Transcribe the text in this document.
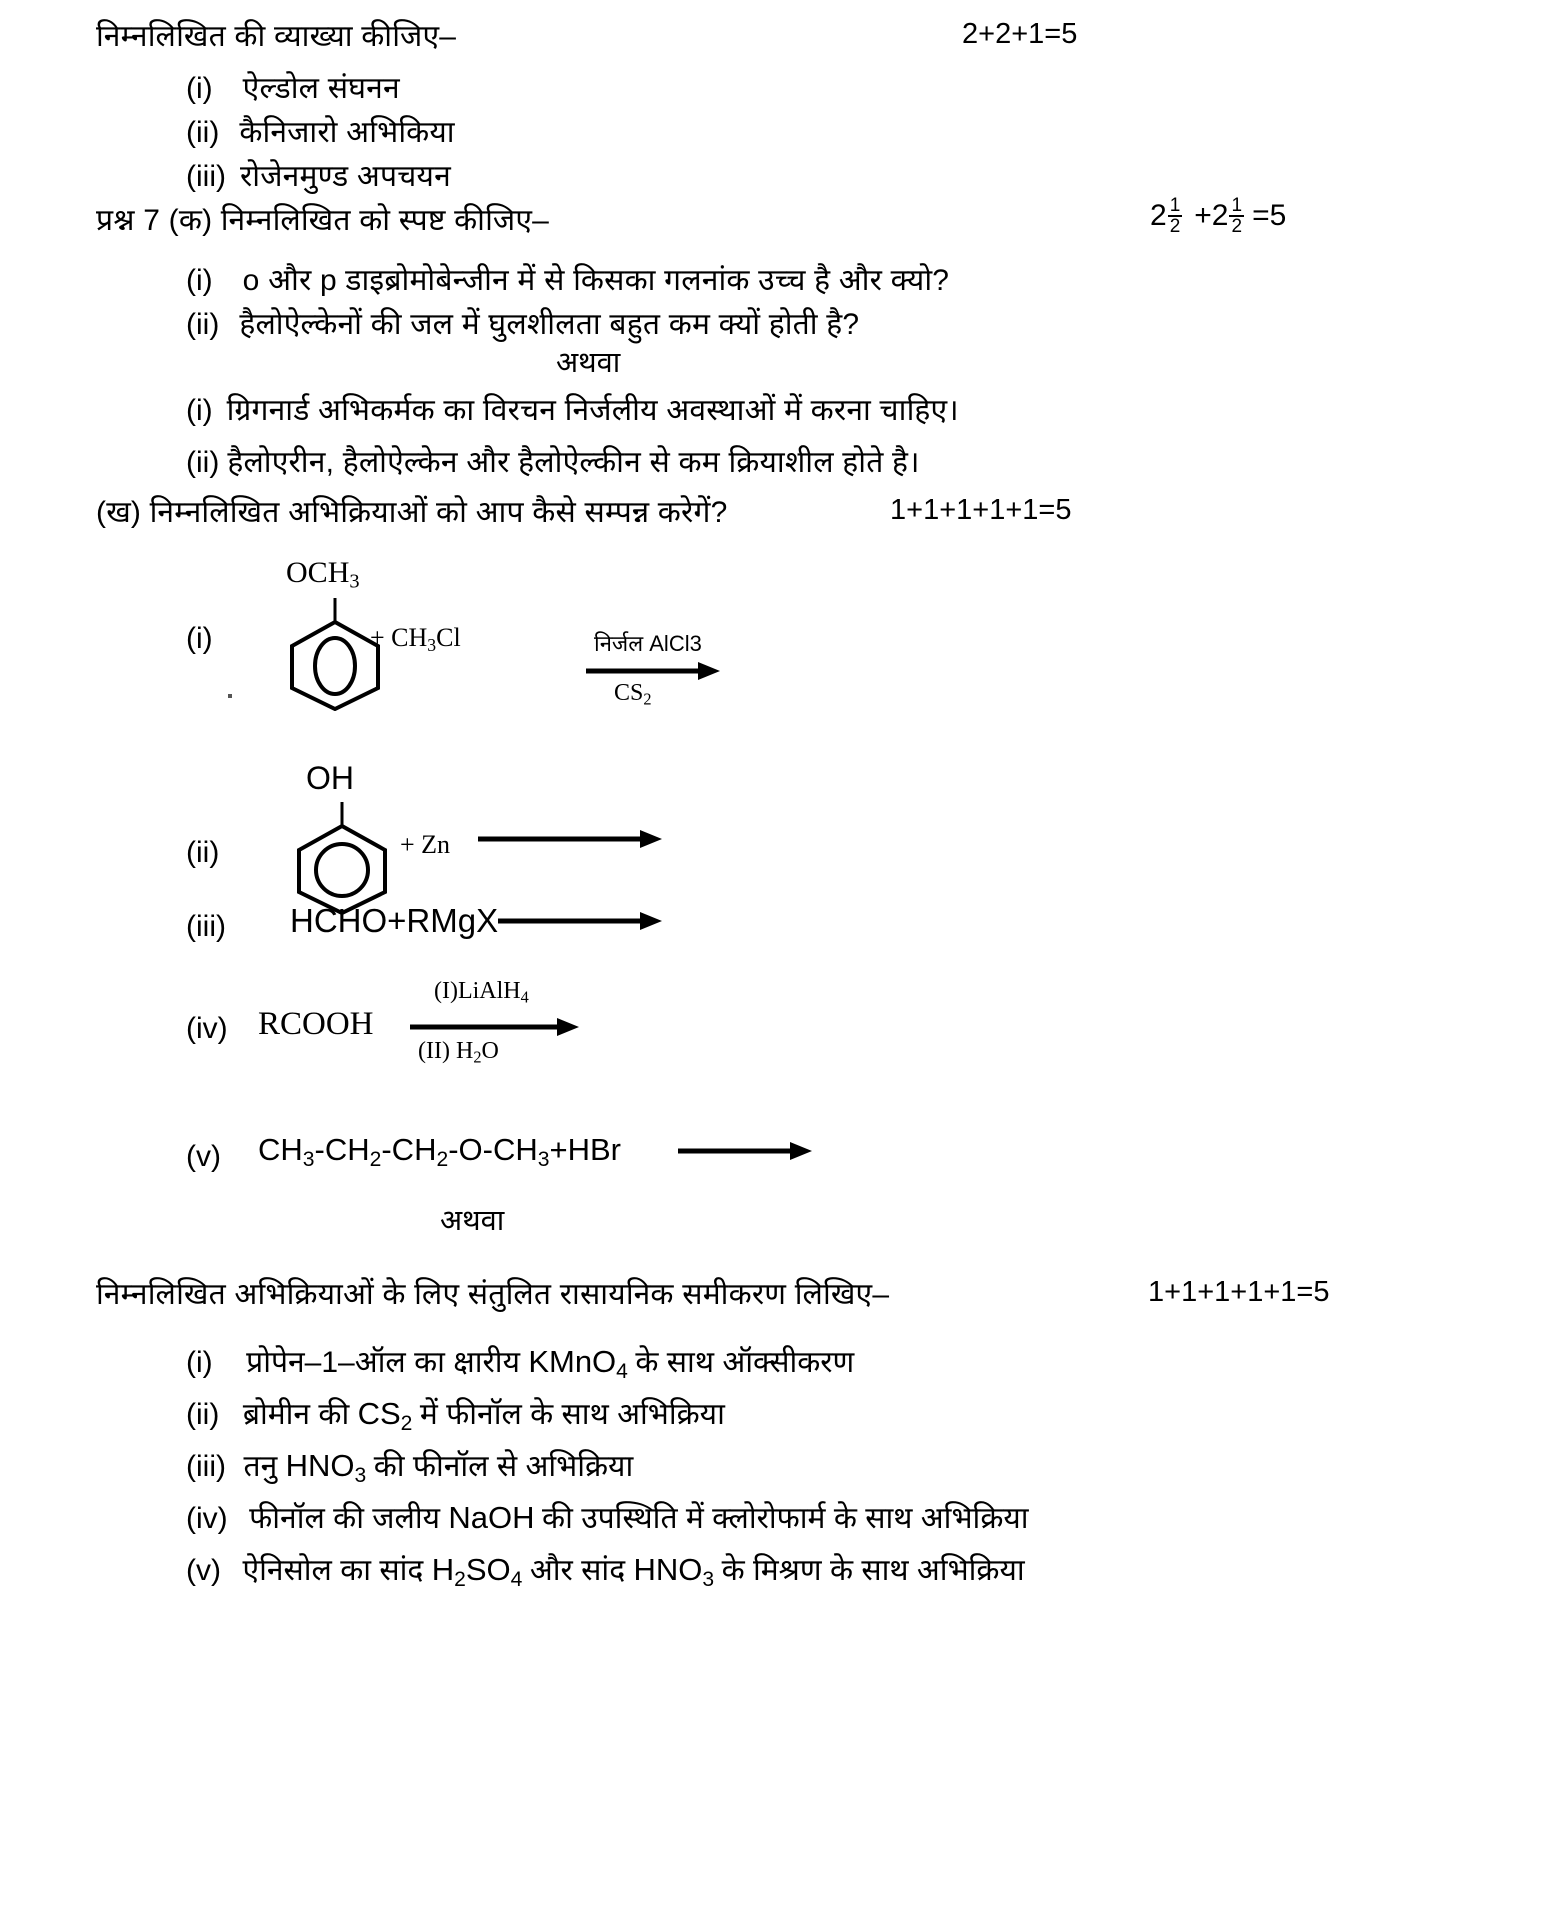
निम्नलिखित की व्याख्या कीजिए–	2+2+1=5
(i) ऐल्डोल संघनन
(ii) कैनिजारो अभिकिया
(iii) रोजेनमुण्ड अपचयन
प्रश्न 7 (क) निम्नलिखित को स्पष्ट कीजिए–	$2 \frac{1}{2} + 2 \frac{1}{2} =5$
(i) o और p डाइब्रोमोबेन्जीन में से किसका गलनांक उच्च है और क्यो?
(ii) हैलोऐल्केनों की जल में घुलशीलता बहुत कम क्यों होती है?
अथवा
(i) ग्रिगनार्ड अभिकर्मक का विरचन निर्जलीय अवस्थाओं में करना चाहिए।
(ii) हैलोएरीन, हैलोऐल्केन और हैलोऐल्कीन से कम क्रियाशील होते है।
(ख) निम्नलिखित अभिक्रियाओं को आप कैसे सम्पन्न करेगें?	1+1+1+1+1=5
(i)
$OCH_3$
+ $CH_3Cl$	निर्जल AlCl3
$CS_2$
(ii)
OH
+ Zn
(iii) HCHO+RMgX
(iv) RCOOH
(I)LiAlH$_4$
(II) $H_2O$
(v) $CH_3-CH_2-CH_2-O-CH_3+HBr$
अथवा
निम्नलिखित अभिक्रियाओं के लिए संतुलित रासायनिक समीकरण लिखिए–	1+1+1+1+1=5
(i) प्रोपेन–1–ऑल का क्षारीय KMnO$_4$ के साथ ऑक्सीकरण
(ii) ब्रोमीन की $CS_2$ में फीनॉल के साथ अभिक्रिया
(iii) तनु $HNO_3$ की फीनॉल से अभिक्रिया
(iv) फीनॉल की जलीय NaOH की उपस्थिति में क्लोरोफार्म के साथ अभिक्रिया
(v) ऐनिसोल का सांद $H_2SO_4$ और सांद $HNO_3$ के मिश्रण के साथ अभिक्रिया
